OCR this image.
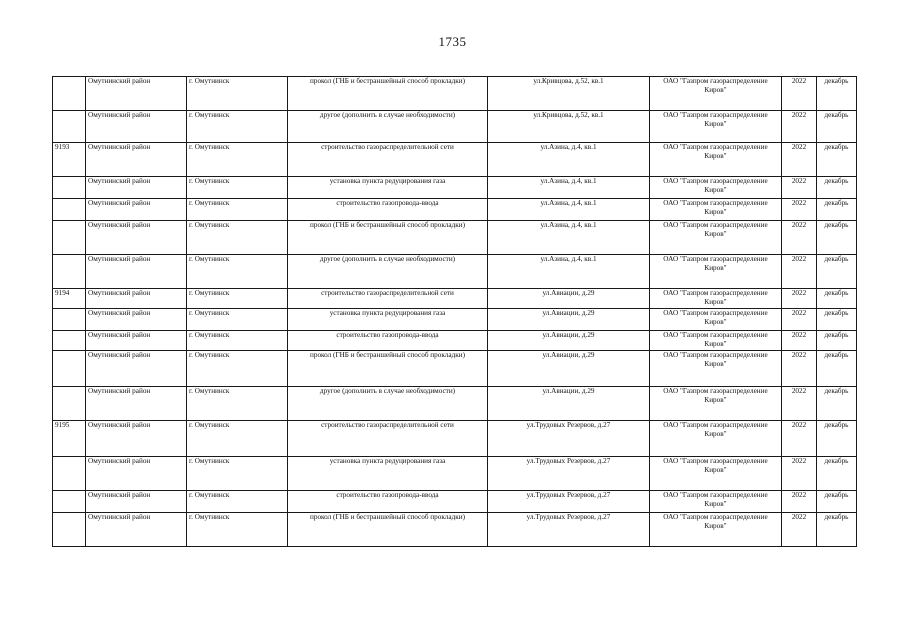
1735
	Омутнинский район	г. Омутнинск	прокол (ГНБ и бестраншейный способ прокладки)	ул.Кривцова, д.52, кв.1	ОАО "Газпром газораспределение Киров"	2022	декабрь
	Омутнинский район	г. Омутнинск	другое (дополнить в случае необходимости)	ул.Кривцова, д.52, кв.1	ОАО "Газпром газораспределение Киров"	2022	декабрь
9193	Омутнинский район	г. Омутнинск	строительство газораспределительной сети	ул.Азина, д.4, кв.1	ОАО "Газпром газораспределение Киров"	2022	декабрь
	Омутнинский район	г. Омутнинск	установка пункта редуцирования газа	ул.Азина, д.4, кв.1	ОАО "Газпром газораспределение Киров"	2022	декабрь
	Омутнинский район	г. Омутнинск	строительство газопровода-ввода	ул.Азина, д.4, кв.1	ОАО "Газпром газораспределение Киров"	2022	декабрь
	Омутнинский район	г. Омутнинск	прокол (ГНБ и бестраншейный способ прокладки)	ул.Азина, д.4, кв.1	ОАО "Газпром газораспределение Киров"	2022	декабрь
	Омутнинский район	г. Омутнинск	другое (дополнить в случае необходимости)	ул.Азина, д.4, кв.1	ОАО "Газпром газораспределение Киров"	2022	декабрь
9194	Омутнинский район	г. Омутнинск	строительство газораспределительной сети	ул.Авиации, д.29	ОАО "Газпром газораспределение Киров"	2022	декабрь
	Омутнинский район	г. Омутнинск	установка пункта редуцирования газа	ул.Авиации, д.29	ОАО "Газпром газораспределение Киров"	2022	декабрь
	Омутнинский район	г. Омутнинск	строительство газопровода-ввода	ул.Авиации, д.29	ОАО "Газпром газораспределение Киров"	2022	декабрь
	Омутнинский район	г. Омутнинск	прокол (ГНБ и бестраншейный способ прокладки)	ул.Авиации, д.29	ОАО "Газпром газораспределение Киров"	2022	декабрь
	Омутнинский район	г. Омутнинск	другое (дополнить в случае необходимости)	ул.Авиации, д.29	ОАО "Газпром газораспределение Киров"	2022	декабрь
9195	Омутнинский район	г. Омутнинск	строительство газораспределительной сети	ул.Трудовых Резервов, д.27	ОАО "Газпром газораспределение Киров"	2022	декабрь
	Омутнинский район	г. Омутнинск	установка пункта редуцирования газа	ул.Трудовых Резервов, д.27	ОАО "Газпром газораспределение Киров"	2022	декабрь
	Омутнинский район	г. Омутнинск	строительство газопровода-ввода	ул.Трудовых Резервов, д.27	ОАО "Газпром газораспределение Киров"	2022	декабрь
	Омутнинский район	г. Омутнинск	прокол (ГНБ и бестраншейный способ прокладки)	ул.Трудовых Резервов, д.27	ОАО "Газпром газораспределение Киров"	2022	декабрь
